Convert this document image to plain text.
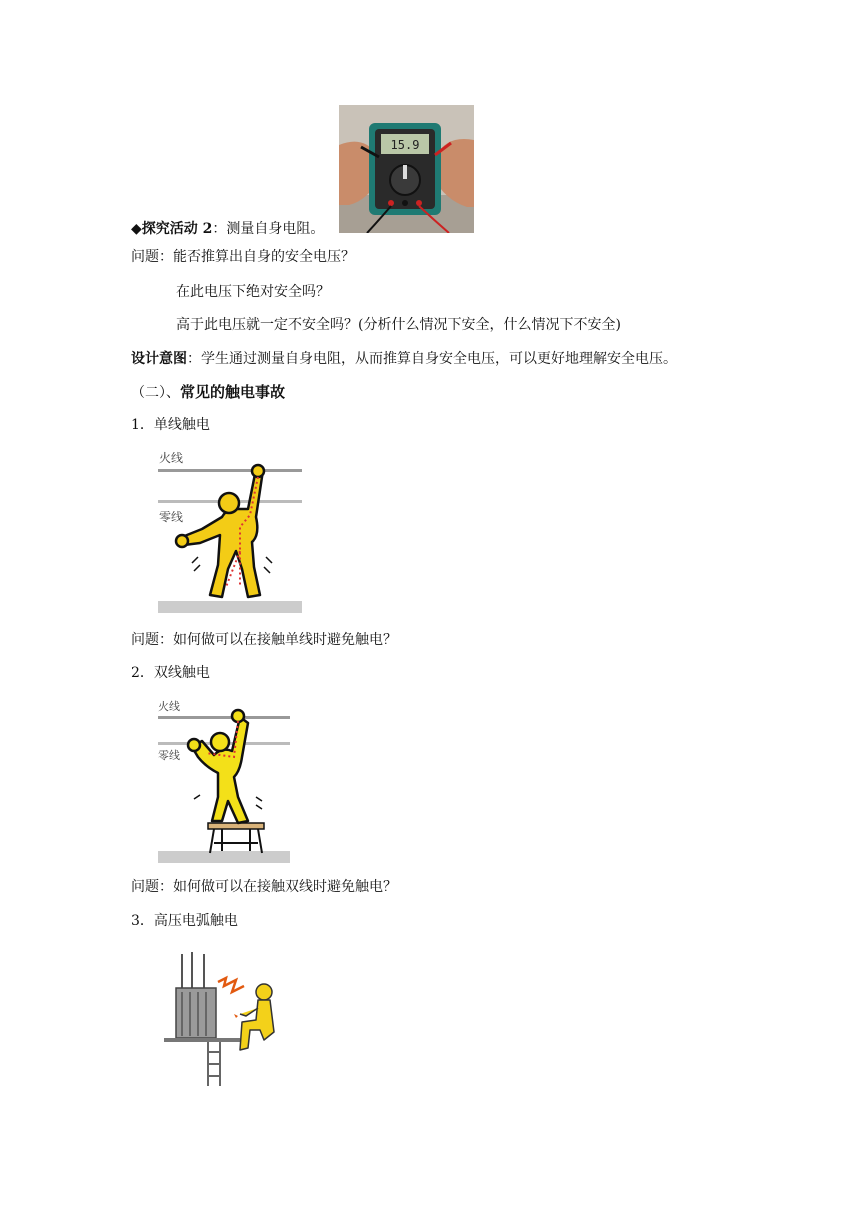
15.9
◆探究活动 2：测量自身电阻。
问题：能否推算出自身的安全电压？
在此电压下绝对安全吗？
高于此电压就一定不安全吗？(分析什么情况下安全，什么情况下不安全)
设计意图：学生通过测量自身电阻，从而推算自身安全电压，可以更好地理解安全电压。
（二）、常见的触电事故
1．单线触电
火线
零线
问题：如何做可以在接触单线时避免触电？
2．双线触电
火线
零线
问题：如何做可以在接触双线时避免触电？
3．高压电弧触电
